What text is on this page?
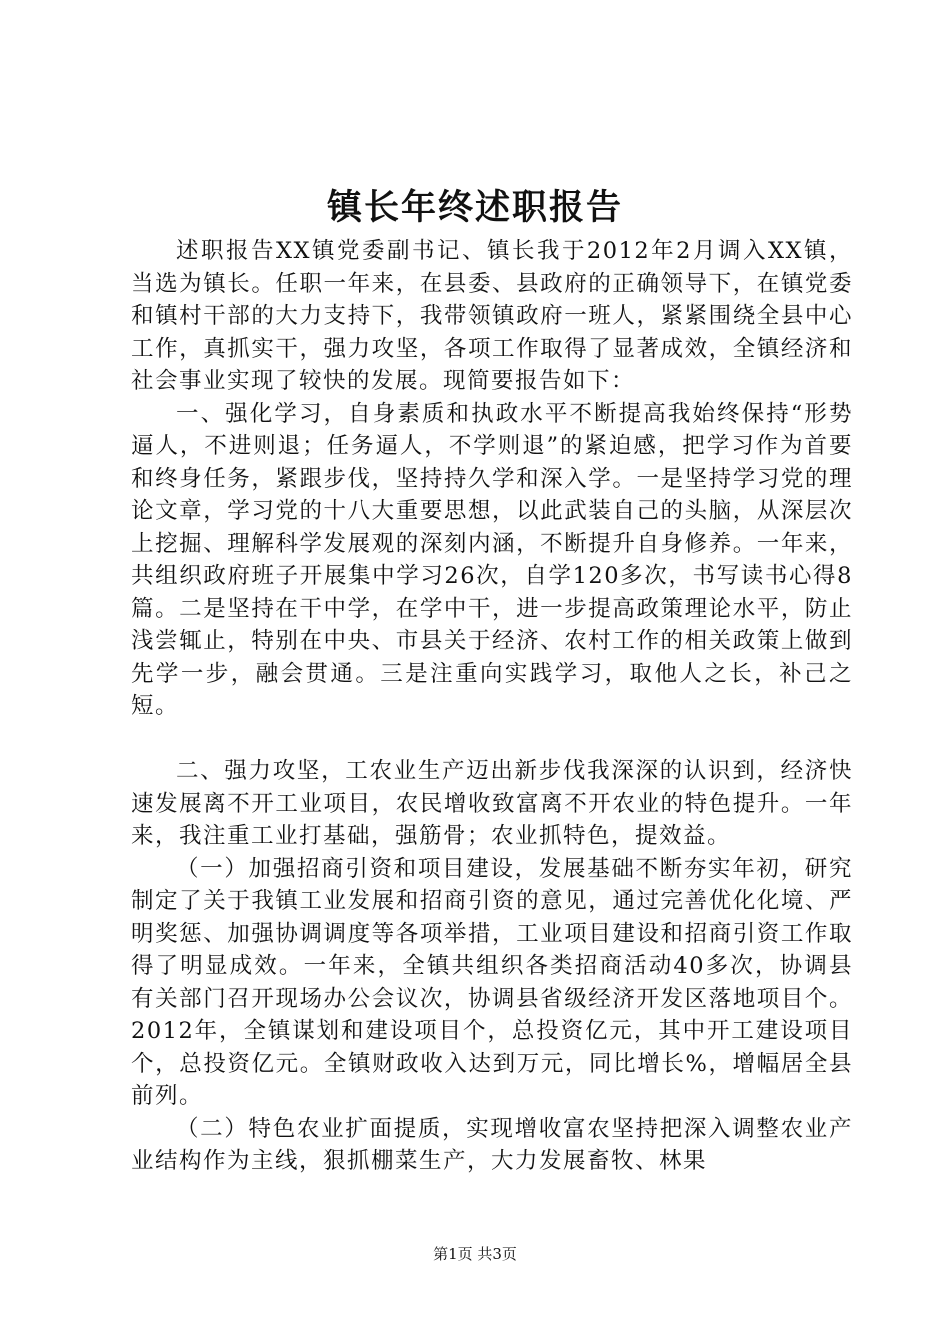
镇长年终述职报告

述职报告XX镇党委副书记、镇长我于2012年2月调入XX镇，当选为镇长。任职一年来，在县委、县政府的正确领导下，在镇党委和镇村干部的大力支持下，我带领镇政府一班人，紧紧围绕全县中心工作，真抓实干，强力攻坚，各项工作取得了显著成效，全镇经济和社会事业实现了较快的发展。现简要报告如下：

一、强化学习，自身素质和执政水平不断提高我始终保持“形势逼人，不进则退；任务逼人，不学则退”的紧迫感，把学习作为首要和终身任务，紧跟步伐，坚持持久学和深入学。一是坚持学习党的理论文章，学习党的十八大重要思想，以此武装自己的头脑，从深层次上挖掘、理解科学发展观的深刻内涵，不断提升自身修养。一年来，共组织政府班子开展集中学习26次，自学120多次，书写读书心得8篇。二是坚持在干中学，在学中干，进一步提高政策理论水平，防止浅尝辄止，特别在中央、市县关于经济、农村工作的相关政策上做到先学一步，融会贯通。三是注重向实践学习，取他人之长，补己之短。

二、强力攻坚，工农业生产迈出新步伐我深深的认识到，经济快速发展离不开工业项目，农民增收致富离不开农业的特色提升。一年来，我注重工业打基础，强筋骨；农业抓特色，提效益。

（一）加强招商引资和项目建设，发展基础不断夯实年初，研究制定了关于我镇工业发展和招商引资的意见，通过完善优化化境、严明奖惩、加强协调调度等各项举措，工业项目建设和招商引资工作取得了明显成效。一年来，全镇共组织各类招商活动40多次，协调县有关部门召开现场办公会议次，协调县省级经济开发区落地项目个。2012年，全镇谋划和建设项目个，总投资亿元，其中开工建设项目个，总投资亿元。全镇财政收入达到万元，同比增长%，增幅居全县前列。

（二）特色农业扩面提质，实现增收富农坚持把深入调整农业产业结构作为主线，狠抓棚菜生产，大力发展畜牧、林果

第1页 共3页
